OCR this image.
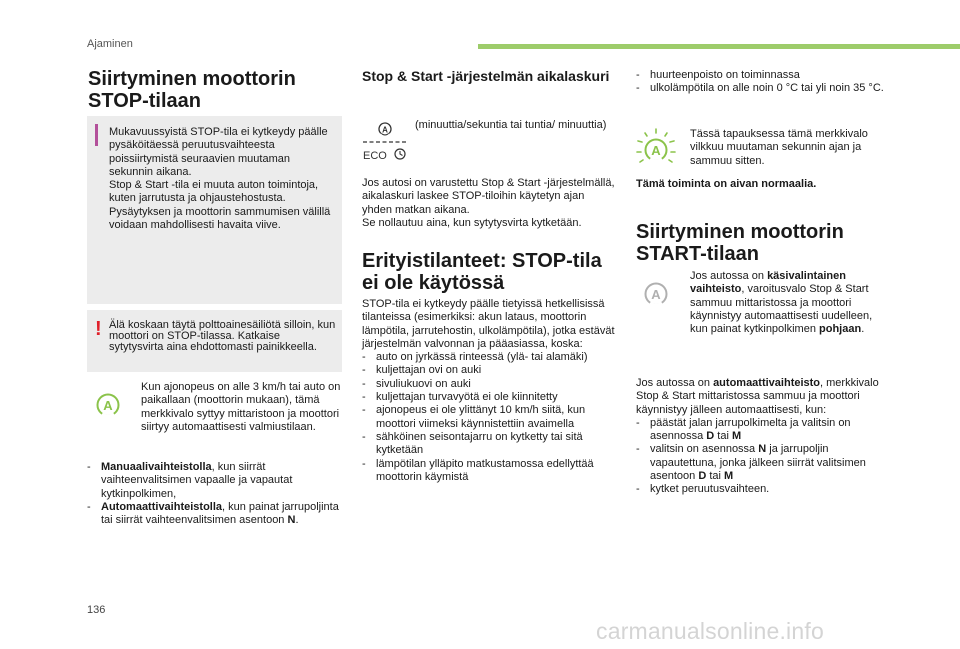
Ajaminen
Siirtyminen moottorin STOP-tilaan
Mukavuussyistä STOP-tila ei kytkeydy päälle pysäköitäessä peruutusvaihteesta poissiirtymistä seuraavien muutaman sekunnin aikana.
Stop & Start -tila ei muuta auton toimintoja, kuten jarrutusta ja ohjaustehostusta.
Pysäytyksen ja moottorin sammumisen välillä voidaan mahdollisesti havaita viive.
! Älä koskaan täytä polttoainesäiliötä silloin, kun moottori on STOP-tilassa. Katkaise sytytysvirta aina ehdottomasti painikkeella.
A
Kun ajonopeus on alle 3 km/h tai auto on paikallaan (moottorin mukaan), tämä merkkivalo syttyy mittaristoon ja moottori siirtyy automaattisesti valmiustilaan.
- Manuaalivaihteistolla, kun siirrät vaihteenvalitsimen vapaalle ja vapautat kytkinpolkimen,
- Automaattivaihteistolla, kun painat jarrupoljinta tai siirrät vaihteenvalitsimen asentoon N.
Stop & Start -järjestelmän aikalaskuri
A
ECO
(minuuttia/sekuntia tai tuntia/ minuuttia)
Jos autosi on varustettu Stop & Start -järjestelmällä, aikalaskuri laskee STOP-tiloihin käytetyn ajan yhden matkan aikana.
Se nollautuu aina, kun sytytysvirta kytketään.
Erityistilanteet: STOP-tila ei ole käytössä
STOP-tila ei kytkeydy päälle tietyissä hetkellisissä tilanteissa (esimerkiksi: akun lataus, moottorin lämpötila, jarrutehostin, ulkolämpötila), jotka estävät järjestelmän valvonnan ja pääasiassa, koska:
- auto on jyrkässä rinteessä (ylä- tai alamäki)
- kuljettajan ovi on auki
- sivuliukuovi on auki
- kuljettajan turvavyötä ei ole kiinnitetty
- ajonopeus ei ole ylittänyt 10 km/h siitä, kun moottori viimeksi käynnistettiin avaimella
- sähköinen seisontajarru on kytketty tai sitä kytketään
- lämpötilan ylläpito matkustamossa edellyttää moottorin käymistä
- huurteenpoisto on toiminnassa
- ulkolämpötila on alle noin 0 °C tai yli noin 35 °C.
A
Tässä tapauksessa tämä merkkivalo vilkkuu muutaman sekunnin ajan ja sammuu sitten.
Tämä toiminta on aivan normaalia.
Siirtyminen moottorin START-tilaan
A
Jos autossa on käsivalintainen vaihteisto, varoitusvalo Stop & Start sammuu mittaristossa ja moottori käynnistyy automaattisesti uudelleen, kun painat kytkinpolkimen pohjaan.
Jos autossa on automaattivaihteisto, merkkivalo Stop & Start mittaristossa sammuu ja moottori käynnistyy jälleen automaattisesti, kun:
- päästät jalan jarrupolkimelta ja valitsin on asennossa D tai M
- valitsin on asennossa N ja jarrupoljin vapautettuna, jonka jälkeen siirrät valitsimen asentoon D tai M
- kytket peruutusvaihteen.
136
carmanualsonline.info
